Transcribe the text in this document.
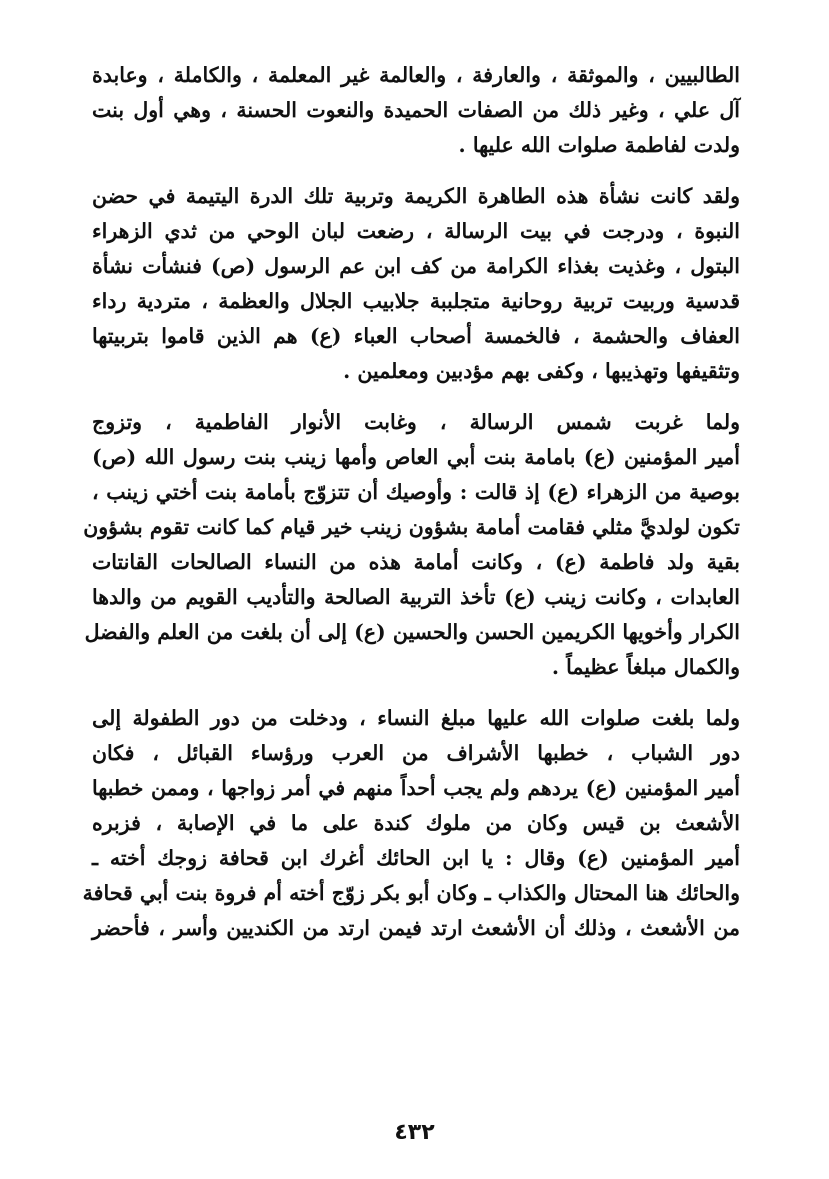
الطالبيين ، والموثقة ، والعارفة ، والعالمة غير المعلمة ، والكاملة ، وعابدة
آل علي ، وغير ذلك من الصفات الحميدة والنعوت الحسنة ، وهي أول بنت
ولدت لفاطمة صلوات الله عليها .
ولقد كانت نشأة هذه الطاهرة الكريمة وتربية تلك الدرة اليتيمة في حضن
النبوة ، ودرجت في بيت الرسالة ، رضعت لبان الوحي من ثدي الزهراء
البتول ، وغذيت بغذاء الكرامة من كف ابن عم الرسول (ص) فنشأت نشأة
قدسية وربيت تربية روحانية متجلببة جلابيب الجلال والعظمة ، متردية رداء
العفاف والحشمة ، فالخمسة أصحاب العباء (ع) هم الذين قاموا بتربيتها
وتثقيفها وتهذيبها ، وكفى بهم مؤدبين ومعلمين .
ولما غربت شمس الرسالة ، وغابت الأنوار الفاطمية ، وتزوج
أمير المؤمنين (ع) بامامة بنت أبي العاص وأمها زينب بنت رسول الله (ص)
بوصية من الزهراء (ع) إذ قالت : وأوصيك أن تتزوّج بأمامة بنت أختي زينب ،
تكون لولديَّ مثلي فقامت أمامة بشؤون زينب خير قيام كما كانت تقوم بشؤون
بقية ولد فاطمة (ع) ، وكانت أمامة هذه من النساء الصالحات القانتات
العابدات ، وكانت زينب (ع) تأخذ التربية الصالحة والتأديب القويم من والدها
الكرار وأخويها الكريمين الحسن والحسين (ع) إلى أن بلغت من العلم والفضل
والكمال مبلغاً عظيماً .
ولما بلغت صلوات الله عليها مبلغ النساء ، ودخلت من دور الطفولة إلى
دور الشباب ، خطبها الأشراف من العرب ورؤساء القبائل ، فكان
أمير المؤمنين (ع) يردهم ولم يجب أحداً منهم في أمر زواجها ، وممن خطبها
الأشعث بن قيس وكان من ملوك كندة على ما في الإصابة ، فزبره
أمير المؤمنين (ع) وقال : يا ابن الحائك أغرك ابن قحافة زوجك أخته ـ
والحائك هنا المحتال والكذاب ـ وكان أبو بكر زوّج أخته أم فروة بنت أبي قحافة
من الأشعث ، وذلك أن الأشعث ارتد فيمن ارتد من الكنديين وأسر ، فأحضر
٤٣٢
